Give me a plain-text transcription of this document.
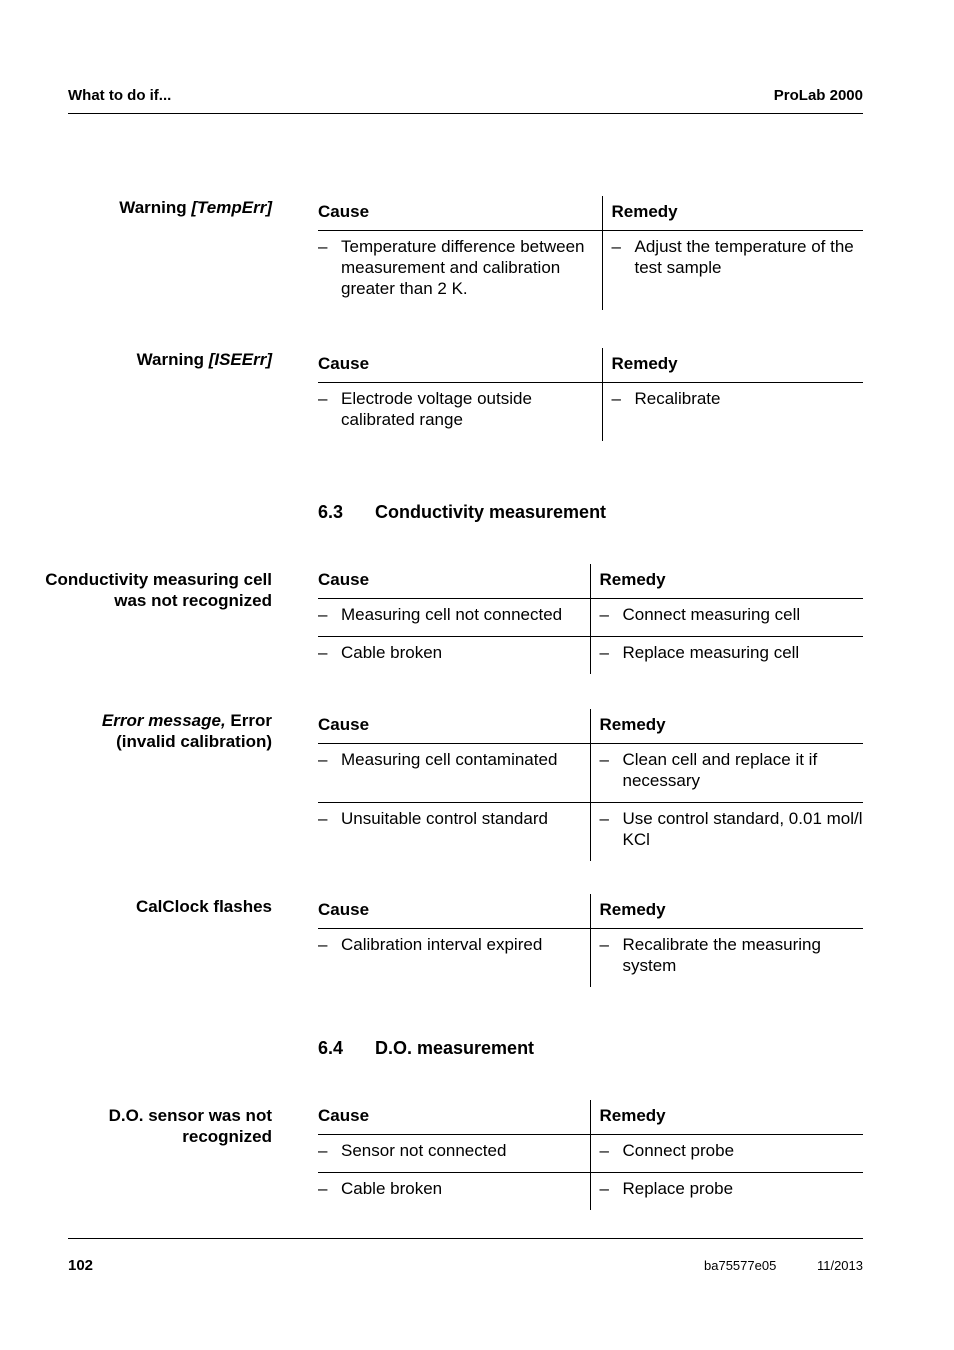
What to do if...	ProLab 2000
Warning [TempErr]	Cause	Remedy

– Temperature difference between measurement and calibration greater than 2 K.	– Adjust the temperature of the test sample
Warning [ISEErr]	Cause	Remedy

– Electrode voltage outside calibrated range	– Recalibrate
6.3 Conductivity measurement
Conductivity measuring cell was not recognized
Cause	Remedy

– Measuring cell not connected	– Connect measuring cell

– Cable broken	– Replace measuring cell
Error message, Error (invalid calibration)
Cause	Remedy

– Measuring cell contaminated	– Clean cell and replace it if necessary

– Unsuitable control standard	– Use control standard, 0.01 mol/l KCl
CalClock flashes	Cause	Remedy

– Calibration interval expired	– Recalibrate the measuring system
6.4 D.O. measurement
D.O. sensor was not recognized
Cause	Remedy

– Sensor not connected	– Connect probe

– Cable broken	– Replace probe
102	ba75577e05	11/2013
